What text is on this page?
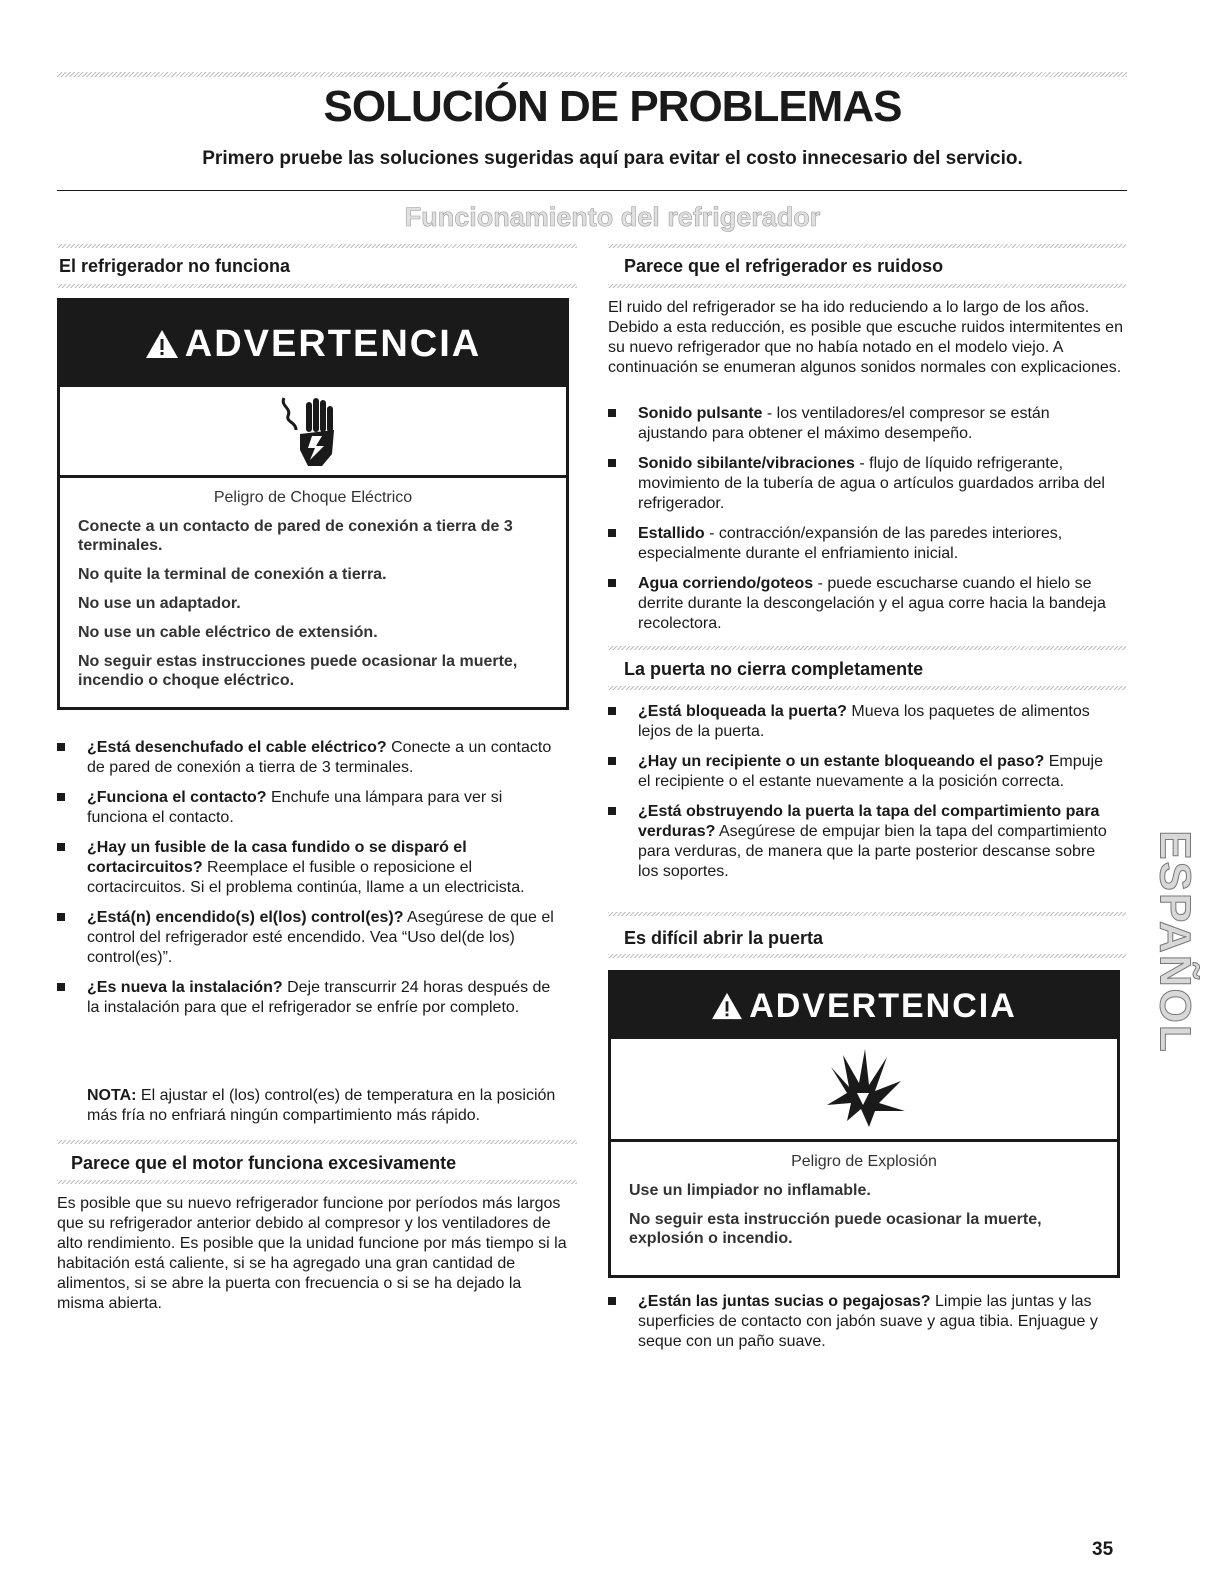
SOLUCIÓN DE PROBLEMAS

Primero pruebe las soluciones sugeridas aquí para evitar el costo innecesario del servicio.

Funcionamiento del refrigerador
El refrigerador no funciona
ADVERTENCIA

Peligro de Choque Eléctrico

Conecte a un contacto de pared de conexión a tierra de 3 terminales.

No quite la terminal de conexión a tierra.

No use un adaptador.

No use un cable eléctrico de extensión.

No seguir estas instrucciones puede ocasionar la muerte, incendio o choque eléctrico.

¿Está desenchufado el cable eléctrico? Conecte a un contacto de pared de conexión a tierra de 3 terminales.
¿Funciona el contacto? Enchufe una lámpara para ver si funciona el contacto.
¿Hay un fusible de la casa fundido o se disparó el cortacircuitos? Reemplace el fusible o reposicione el cortacircuitos. Si el problema continúa, llame a un electricista.
¿Está(n) encendido(s) el(los) control(es)? Asegúrese de que el control del refrigerador esté encendido. Vea “Uso del(de los) control(es)”.
¿Es nueva la instalación? Deje transcurrir 24 horas después de la instalación para que el refrigerador se enfríe por completo.

NOTA: El ajustar el (los) control(es) de temperatura en la posición más fría no enfriará ningún compartimiento más rápido.

Parece que el motor funciona excesivamente

Es posible que su nuevo refrigerador funcione por períodos más largos que su refrigerador anterior debido al compresor y los ventiladores de alto rendimiento. Es posible que la unidad funcione por más tiempo si la habitación está caliente, si se ha agregado una gran cantidad de alimentos, si se abre la puerta con frecuencia o si se ha dejado la misma abierta.

Parece que el refrigerador es ruidoso

El ruido del refrigerador se ha ido reduciendo a lo largo de los años. Debido a esta reducción, es posible que escuche ruidos intermitentes en su nuevo refrigerador que no había notado en el modelo viejo. A continuación se enumeran algunos sonidos normales con explicaciones.

Sonido pulsante - los ventiladores/el compresor se están ajustando para obtener el máximo desempeño.
Sonido sibilante/vibraciones - flujo de líquido refrigerante, movimiento de la tubería de agua o artículos guardados arriba del refrigerador.
Estallido - contracción/expansión de las paredes interiores, especialmente durante el enfriamiento inicial.
Agua corriendo/goteos - puede escucharse cuando el hielo se derrite durante la descongelación y el agua corre hacia la bandeja recolectora.
La puerta no cierra completamente
¿Está bloqueada la puerta? Mueva los paquetes de alimentos lejos de la puerta.
¿Hay un recipiente o un estante bloqueando el paso? Empuje el recipiente o el estante nuevamente a la posición correcta.
¿Está obstruyendo la puerta la tapa del compartimiento para verduras? Asegúrese de empujar bien la tapa del compartimiento para verduras, de manera que la parte posterior descanse sobre los soportes.
Es difícil abrir la puerta
ADVERTENCIA

Peligro de Explosión

Use un limpiador no inflamable.

No seguir esta instrucción puede ocasionar la muerte, explosión o incendio.

¿Están las juntas sucias o pegajosas? Limpie las juntas y las superficies de contacto con jabón suave y agua tibia. Enjuague y seque con un paño suave.
ESPAÑOL

35
